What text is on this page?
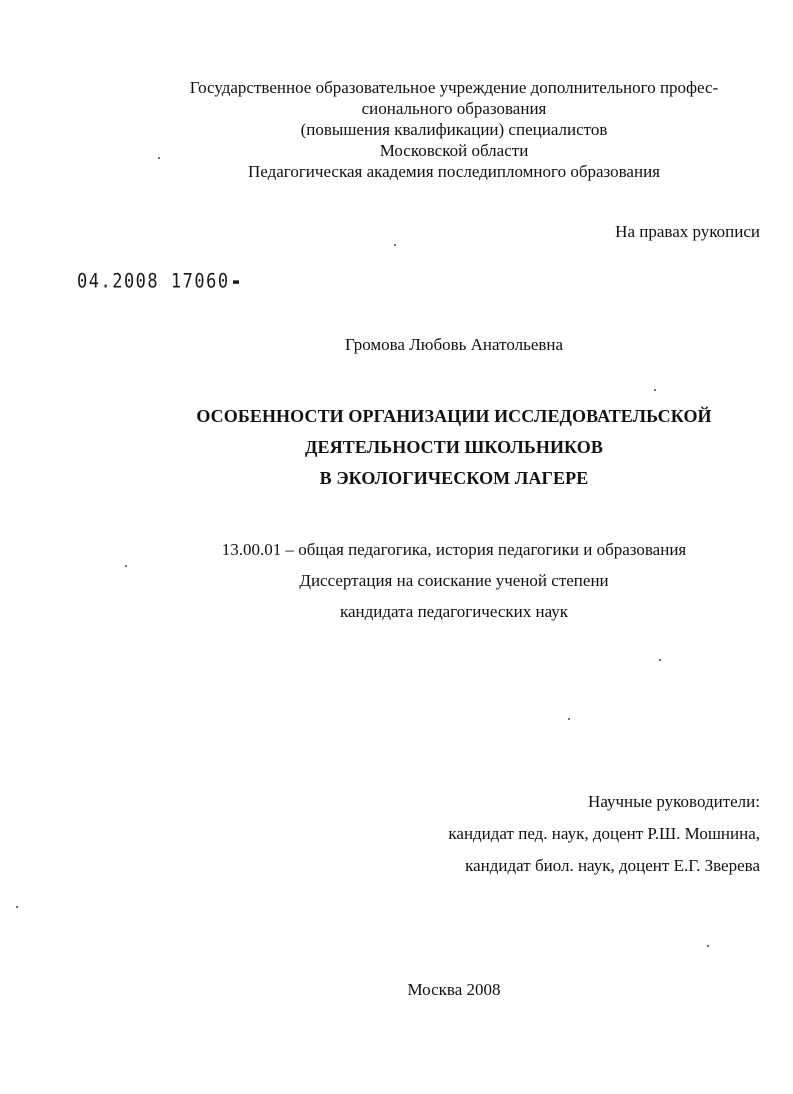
Государственное образовательное учреждение дополнительного профес-
сионального образования
(повышения квалификации) специалистов
Московской области
Педагогическая академия последипломного образования
На правах рукописи
04.2008 17060
Громова Любовь Анатольевна
ОСОБЕННОСТИ ОРГАНИЗАЦИИ ИССЛЕДОВАТЕЛЬСКОЙ
ДЕЯТЕЛЬНОСТИ ШКОЛЬНИКОВ
В ЭКОЛОГИЧЕСКОМ ЛАГЕРЕ
13.00.01 – общая педагогика, история педагогики и образования
Диссертация на соискание ученой степени
кандидата педагогических наук
Научные руководители:
кандидат пед. наук, доцент Р.Ш. Мошнина,
кандидат биол. наук, доцент Е.Г. Зверева
Москва 2008
